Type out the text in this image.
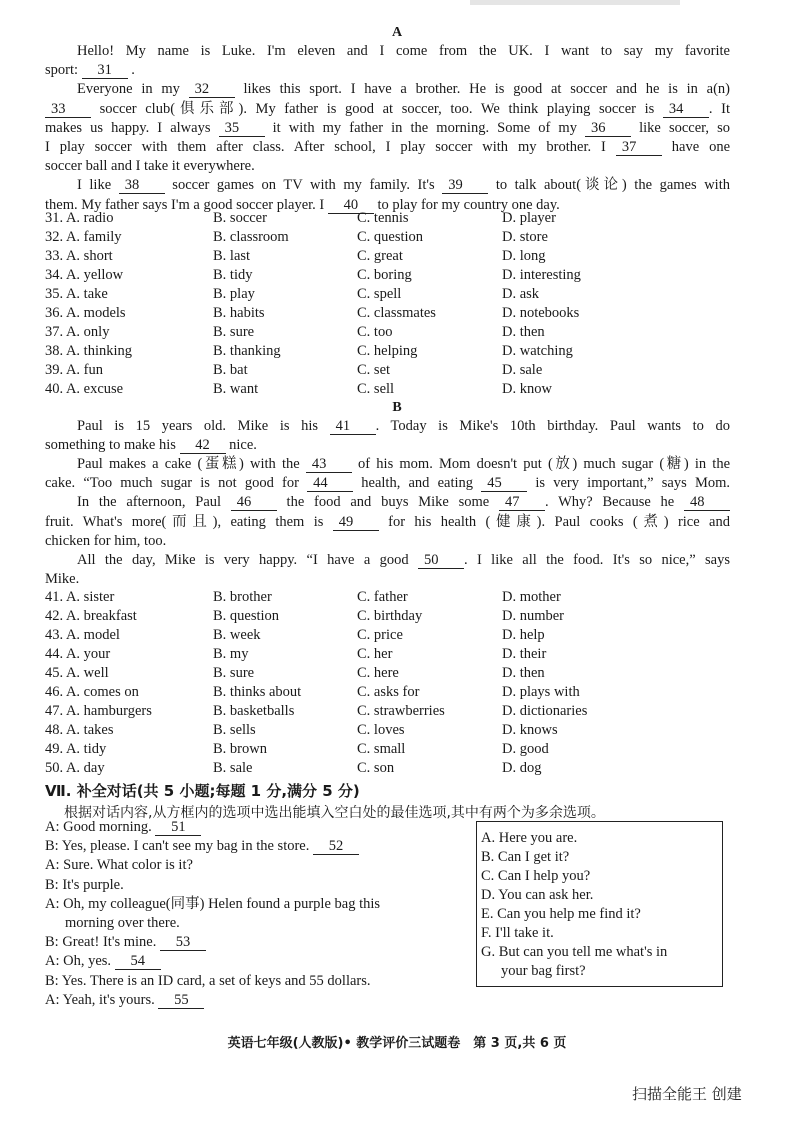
A
Hello! My name is Luke. I'm eleven and I come from the UK. I want to say my favorite
sport: 31 .
Everyone in my 32 likes this sport. I have a brother. He is good at soccer and he is in a(n)
33 soccer club(俱乐部). My father is good at soccer, too. We think playing soccer is 34 . It
makes us happy. I always 35 it with my father in the morning. Some of my 36 like soccer, so
I play soccer with them after class. After school, I play soccer with my brother. I 37 have one
soccer ball and I take it everywhere.
I like 38 soccer games on TV with my family. It's 39 to talk about(谈论) the games with
them. My father says I'm a good soccer player. I 40 to play for my country one day.
31. A. radio	B. soccer	C. tennis	D. player
32. A. family	B. classroom	C. question	D. store
33. A. short	B. last	C. great	D. long
34. A. yellow	B. tidy	C. boring	D. interesting
35. A. take	B. play	C. spell	D. ask
36. A. models	B. habits	C. classmates	D. notebooks
37. A. only	B. sure	C. too	D. then
38. A. thinking	B. thanking	C. helping	D. watching
39. A. fun	B. bat	C. set	D. sale
40. A. excuse	B. want	C. sell	D. know
B
Paul is 15 years old. Mike is his 41 . Today is Mike's 10th birthday. Paul wants to do
something to make his 42 nice.
Paul makes a cake (蛋糕) with the 43 of his mom. Mom doesn't put (放) much sugar (糖) in the
cake. “Too much sugar is not good for 44 health, and eating 45 is very important,” says Mom.
In the afternoon, Paul 46 the food and buys Mike some 47 . Why? Because he 48
fruit. What's more(而且), eating them is 49 for his health (健康). Paul cooks (煮) rice and
chicken for him, too.
All the day, Mike is very happy. “I have a good 50 . I like all the food. It's so nice,” says
Mike.
41. A. sister	B. brother	C. father	D. mother
42. A. breakfast	B. question	C. birthday	D. number
43. A. model	B. week	C. price	D. help
44. A. your	B. my	C. her	D. their
45. A. well	B. sure	C. here	D. then
46. A. comes on	B. thinks about	C. asks for	D. plays with
47. A. hamburgers	B. basketballs	C. strawberries	D. dictionaries
48. A. takes	B. sells	C. loves	D. knows
49. A. tidy	B. brown	C. small	D. good
50. A. day	B. sale	C. son	D. dog
Ⅶ. 补全对话(共 5 小题;每题 1 分,满分 5 分)
根据对话内容,从方框内的选项中选出能填入空白处的最佳选项,其中有两个为多余选项。
A: Good morning. 51
B: Yes, please. I can't see my bag in the store. 52
A: Sure. What color is it?
B: It's purple.
A: Oh, my colleague(同事) Helen found a purple bag this
morning over there.
B: Great! It's mine. 53
A: Oh, yes. 54
B: Yes. There is an ID card, a set of keys and 55 dollars.
A: Yeah, it's yours. 55
A. Here you are.
B. Can I get it?
C. Can I help you?
D. You can ask her.
E. Can you help me find it?
F. I'll take it.
G. But can you tell me what's in
your bag first?
英语七年级(人教版)• 教学评价三试题卷　第 3 页,共 6 页
扫描全能王 创建
